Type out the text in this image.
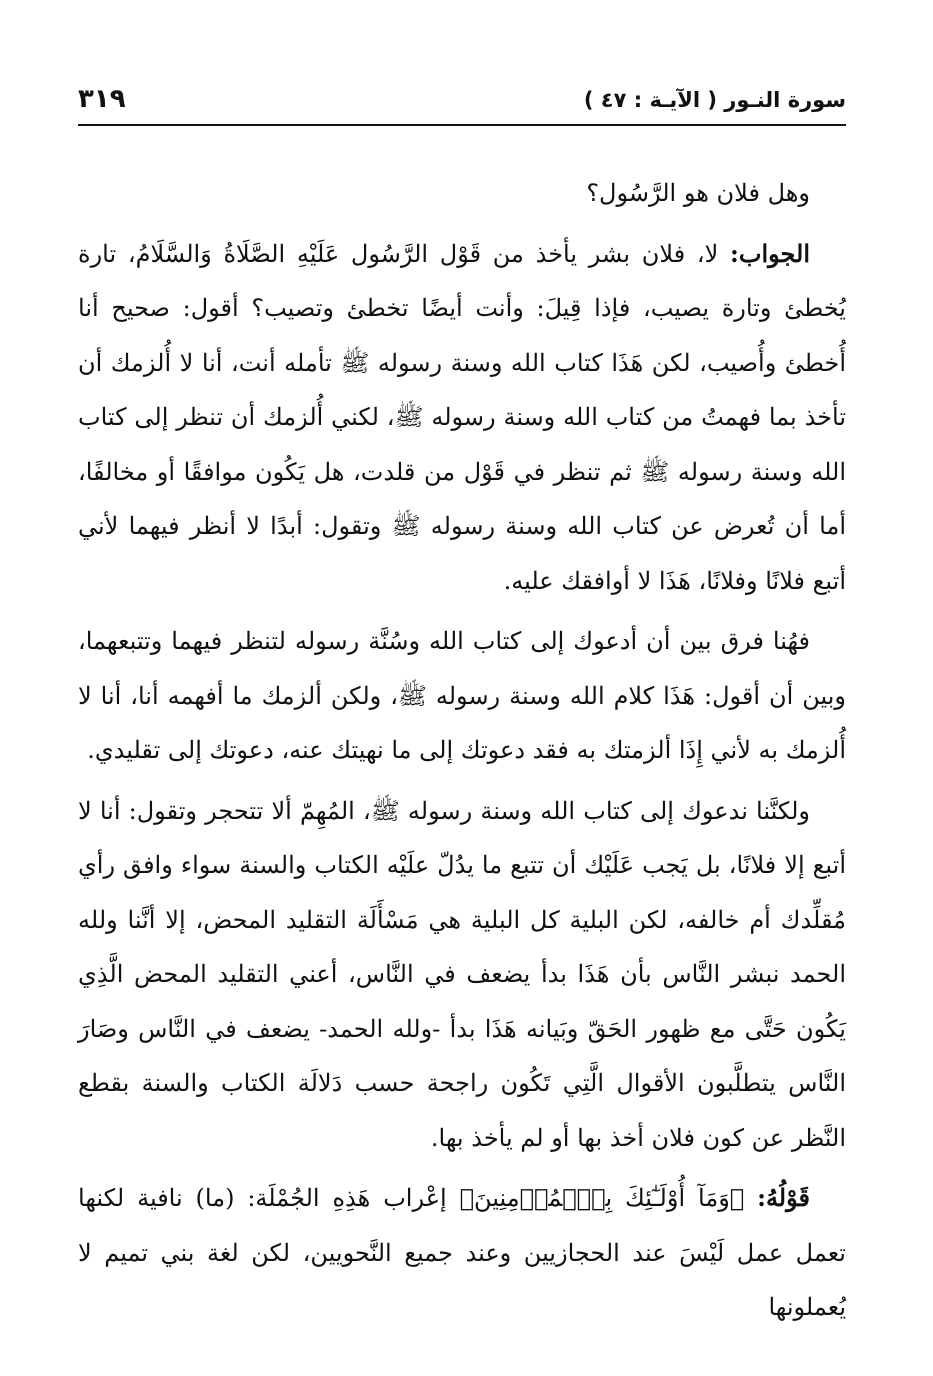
سورة النـور ( الآيـة : ٤٧ )
٣١٩

وهل فلان هو الرَّسُول؟

الجواب: لا، فلان بشر يأخذ من قَوْل الرَّسُول عَلَيْهِ الصَّلَاةُ وَالسَّلَامُ، تارة يُخطئ وتارة يصيب، فإذا قِيلَ: وأنت أيضًا تخطئ وتصيب؟ أقول: صحيح أنا أُخطئ وأُصيب، لكن هَذَا كتاب الله وسنة رسوله ﷺ تأمله أنت، أنا لا أُلزمك أن تأخذ بما فهمتُ من كتاب الله وسنة رسوله ﷺ، لكني أُلزمك أن تنظر إلى كتاب الله وسنة رسوله ﷺ ثم تنظر في قَوْل من قلدت، هل يَكُون موافقًا أو مخالفًا، أما أن تُعرض عن كتاب الله وسنة رسوله ﷺ وتقول: أبدًا لا أنظر فيهما لأني أتبع فلانًا وفلانًا، هَذَا لا أوافقك عليه.

فهُنا فرق بين أن أدعوك إلى كتاب الله وسُنَّة رسوله لتنظر فيهما وتتبعهما، وبين أن أقول: هَذَا كلام الله وسنة رسوله ﷺ، ولكن ألزمك ما أفهمه أنا، أنا لا أُلزمك به لأني إِذَا ألزمتك به فقد دعوتك إلى ما نهيتك عنه، دعوتك إلى تقليدي.

ولكنَّنا ندعوك إلى كتاب الله وسنة رسوله ﷺ، المُهِمّ ألا تتحجر وتقول: أنا لا أتبع إلا فلانًا، بل يَجب عَلَيْك أن تتبع ما يدُلّ علَيْه الكتاب والسنة سواء وافق رأي مُقلِّدك أم خالفه، لكن البلية كل البلية هي مَسْأَلَة التقليد المحض، إلا أنَّنا ولله الحمد نبشر النَّاس بأن هَذَا بدأ يضعف في النَّاس، أعني التقليد المحض الَّذِي يَكُون حَتَّى مع ظهور الحَقّ وبَيانه هَذَا بدأ -ولله الحمد- يضعف في النَّاس وصَارَ النَّاس يتطلَّبون الأقوال الَّتِي تَكُون راجحة حسب دَلالَة الكتاب والسنة بقطع النَّظر عن كون فلان أخذ بها أو لم يأخذ بها.

قَوْلُهُ: ﴿وَمَآ أُوْلَـٰٓئِكَ بِٱلۡمُؤۡمِنِينَ﴾ إعْراب هَذِهِ الجُمْلَة: (ما) نافية لكنها تعمل عمل لَيْسَ عند الحجازيين وعند جميع النَّحويين، لكن لغة بني تميم لا يُعملونها
